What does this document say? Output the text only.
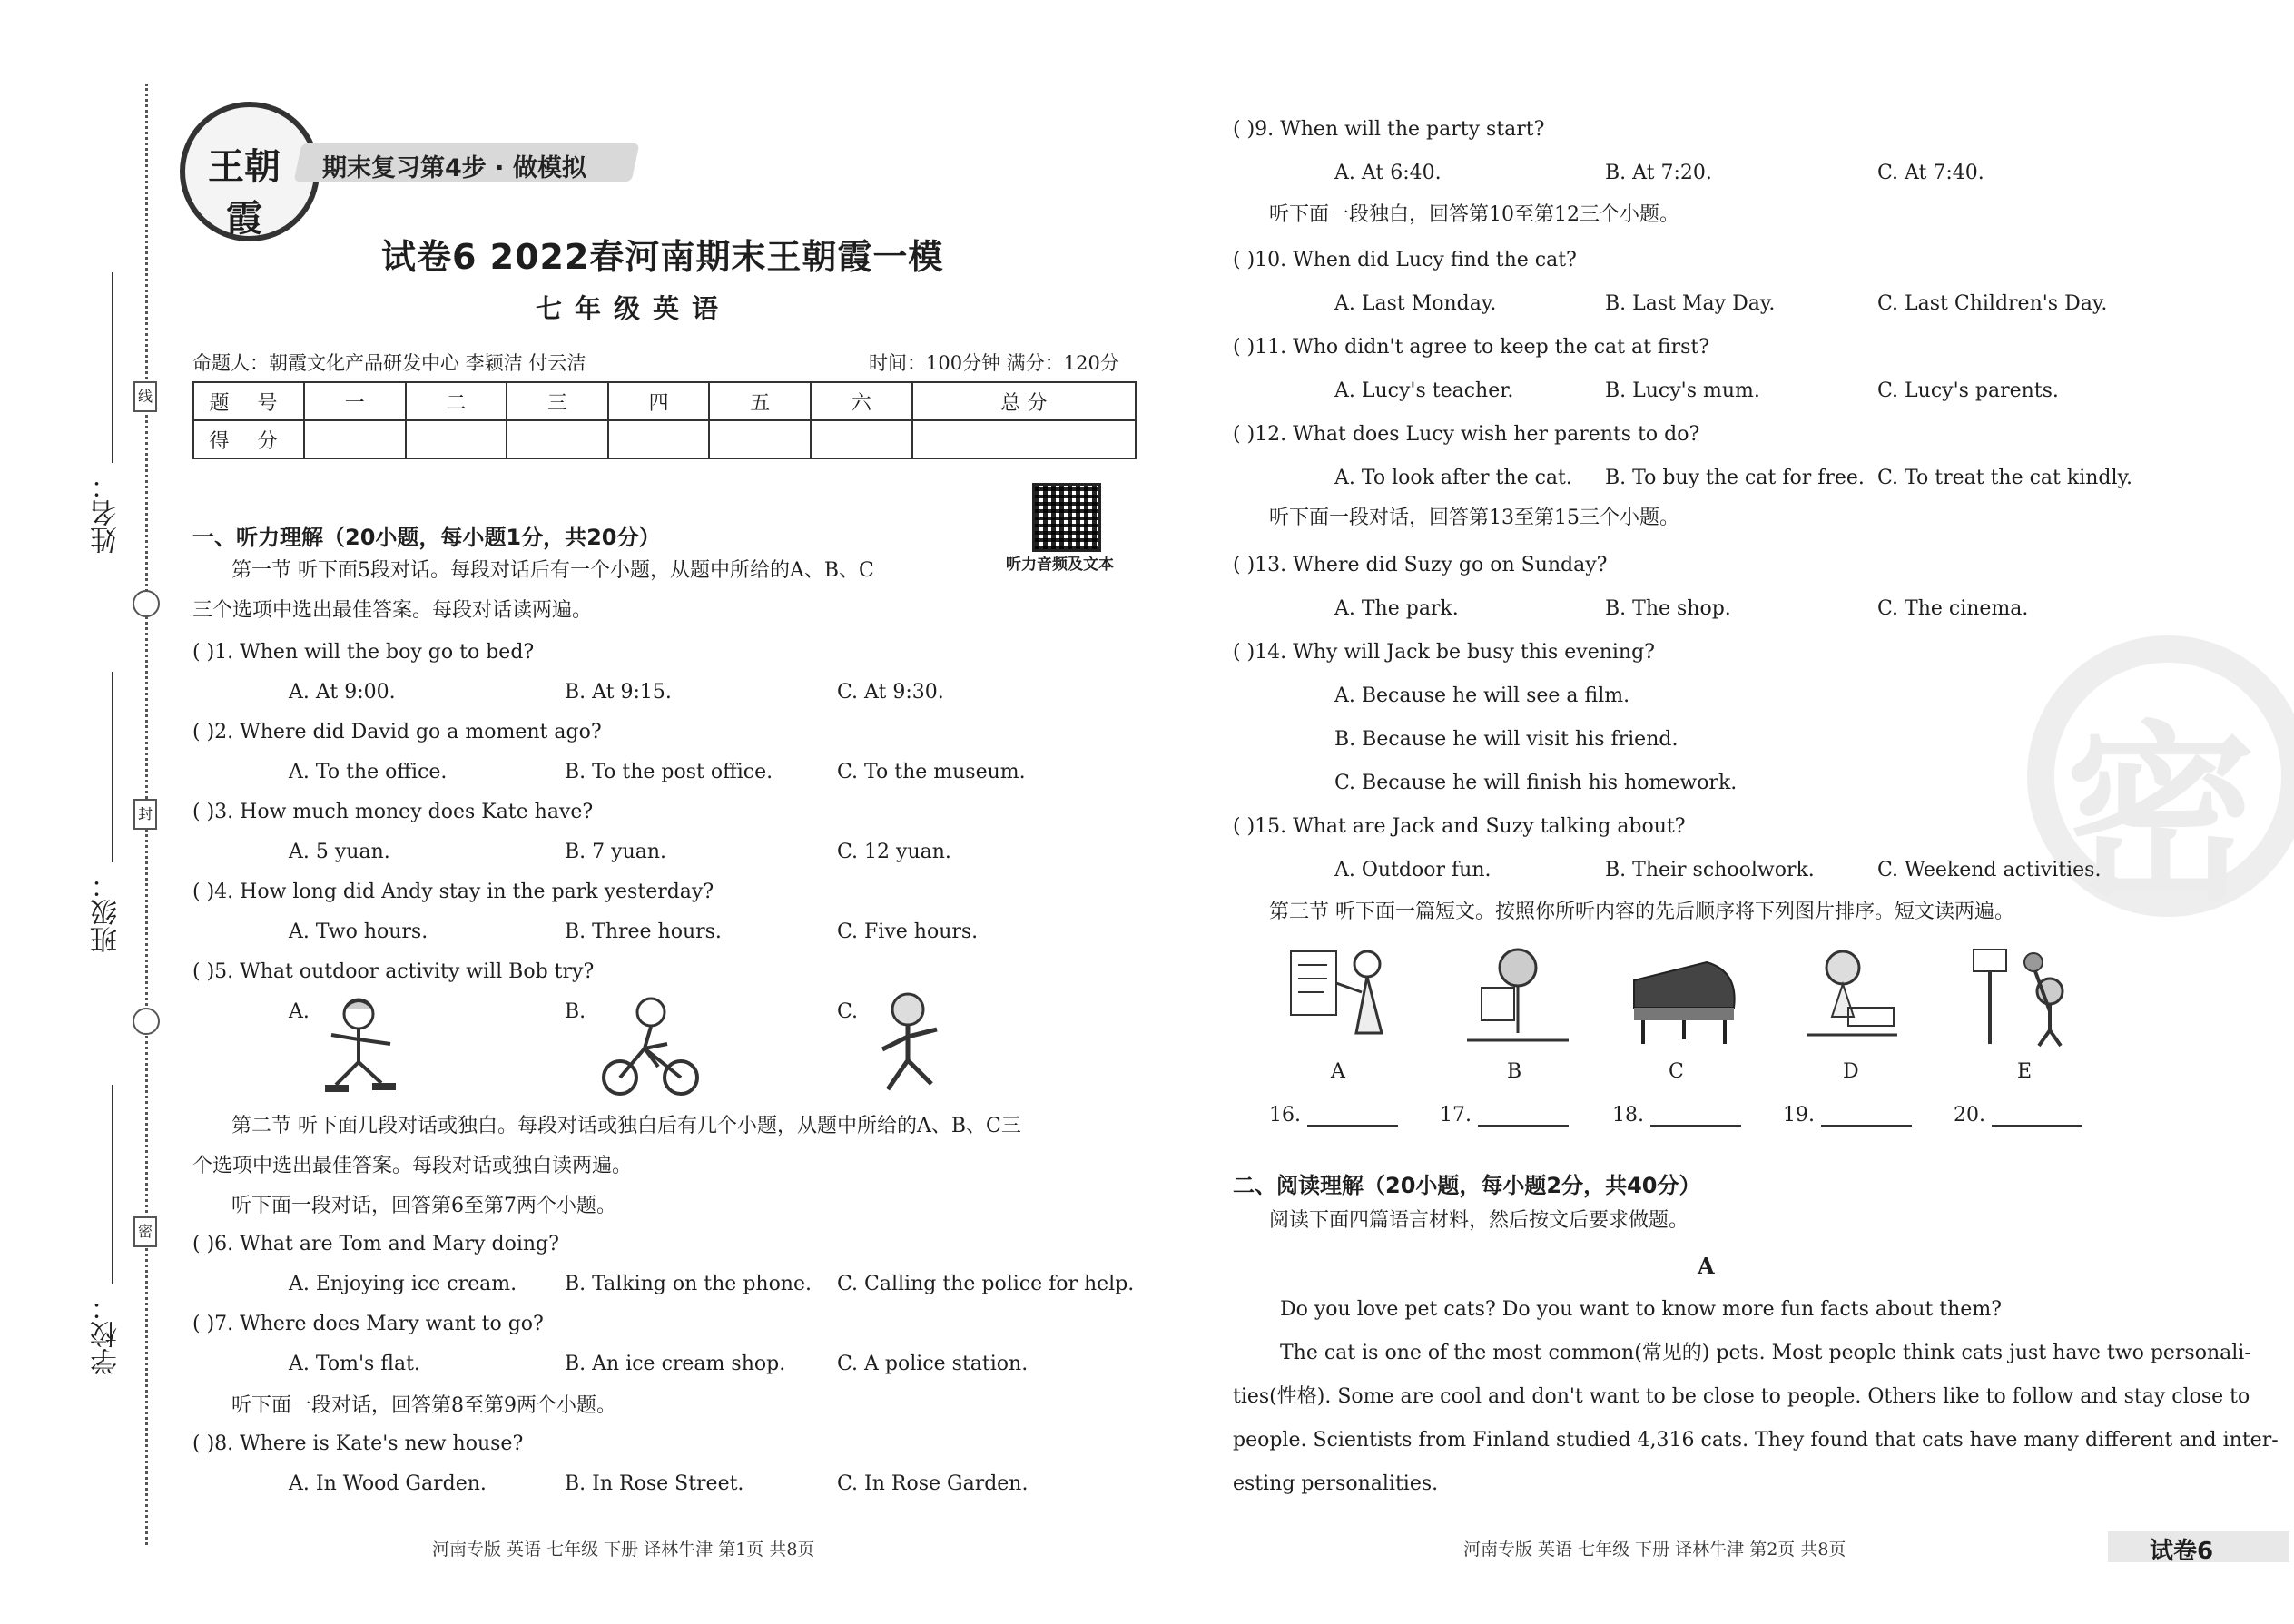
姓名：
班级：
学校：
线
封
密
王朝霞
期末复习第4步 · 做模拟
试卷6 2022春河南期末王朝霞一模
七年级英语
命题人：朝霞文化产品研发中心 李颖洁 付云洁	时间：100分钟 满分：120分
题 号	一	二	三	四	五	六	总 分
得 分							
听力音频及文本
一、听力理解（20小题，每小题1分，共20分）
第一节 听下面5段对话。每段对话后有一个小题，从题中所给的A、B、C
三个选项中选出最佳答案。每段对话读两遍。
( )1. When will the boy go to bed?
A. At 9:00.	B. At 9:15.	C. At 9:30.
( )2. Where did David go a moment ago?
A. To the office.	B. To the post office.	C. To the museum.
( )3. How much money does Kate have?
A. 5 yuan.	B. 7 yuan.	C. 12 yuan.
( )4. How long did Andy stay in the park yesterday?
A. Two hours.	B. Three hours.	C. Five hours.
( )5. What outdoor activity will Bob try?
A.	B.	C.
第二节 听下面几段对话或独白。每段对话或独白后有几个小题，从题中所给的A、B、C三
个选项中选出最佳答案。每段对话或独白读两遍。
听下面一段对话，回答第6至第7两个小题。
( )6. What are Tom and Mary doing?
A. Enjoying ice cream. B. Talking on the phone. C. Calling the police for help.
( )7. Where does Mary want to go?
A. Tom's flat.	B. An ice cream shop.	C. A police station.
听下面一段对话，回答第8至第9两个小题。
( )8. Where is Kate's new house?
A. In Wood Garden.	B. In Rose Street.	C. In Rose Garden.
河南专版 英语 七年级 下册 译林牛津 第1页 共8页
密
( )9. When will the party start?
A. At 6:40.	B. At 7:20.	C. At 7:40.
听下面一段独白，回答第10至第12三个小题。
( )10. When did Lucy find the cat?
A. Last Monday.	B. Last May Day.	C. Last Children's Day.
( )11. Who didn't agree to keep the cat at first?
A. Lucy's teacher.	B. Lucy's mum.	C. Lucy's parents.
( )12. What does Lucy wish her parents to do?
A. To look after the cat. B. To buy the cat for free. C. To treat the cat kindly.
听下面一段对话，回答第13至第15三个小题。
( )13. Where did Suzy go on Sunday?
A. The park.	B. The shop.	C. The cinema.
( )14. Why will Jack be busy this evening?
A. Because he will see a film.
B. Because he will visit his friend.
C. Because he will finish his homework.
( )15. What are Jack and Suzy talking about?
A. Outdoor fun.	B. Their schoolwork.	C. Weekend activities.
第三节 听下面一篇短文。按照你所听内容的先后顺序将下列图片排序。短文读两遍。
A	B	C	D	E
16.	17.	18.	19.	20.
二、阅读理解（20小题，每小题2分，共40分）
阅读下面四篇语言材料，然后按文后要求做题。
A
Do you love pet cats? Do you want to know more fun facts about them?
The cat is one of the most common(常见的) pets. Most people think cats just have two personali-
ties(性格). Some are cool and don't want to be close to people. Others like to follow and stay close to
people. Scientists from Finland studied 4,316 cats. They found that cats have many different and inter-
esting personalities.
河南专版 英语 七年级 下册 译林牛津 第2页 共8页	试卷6
